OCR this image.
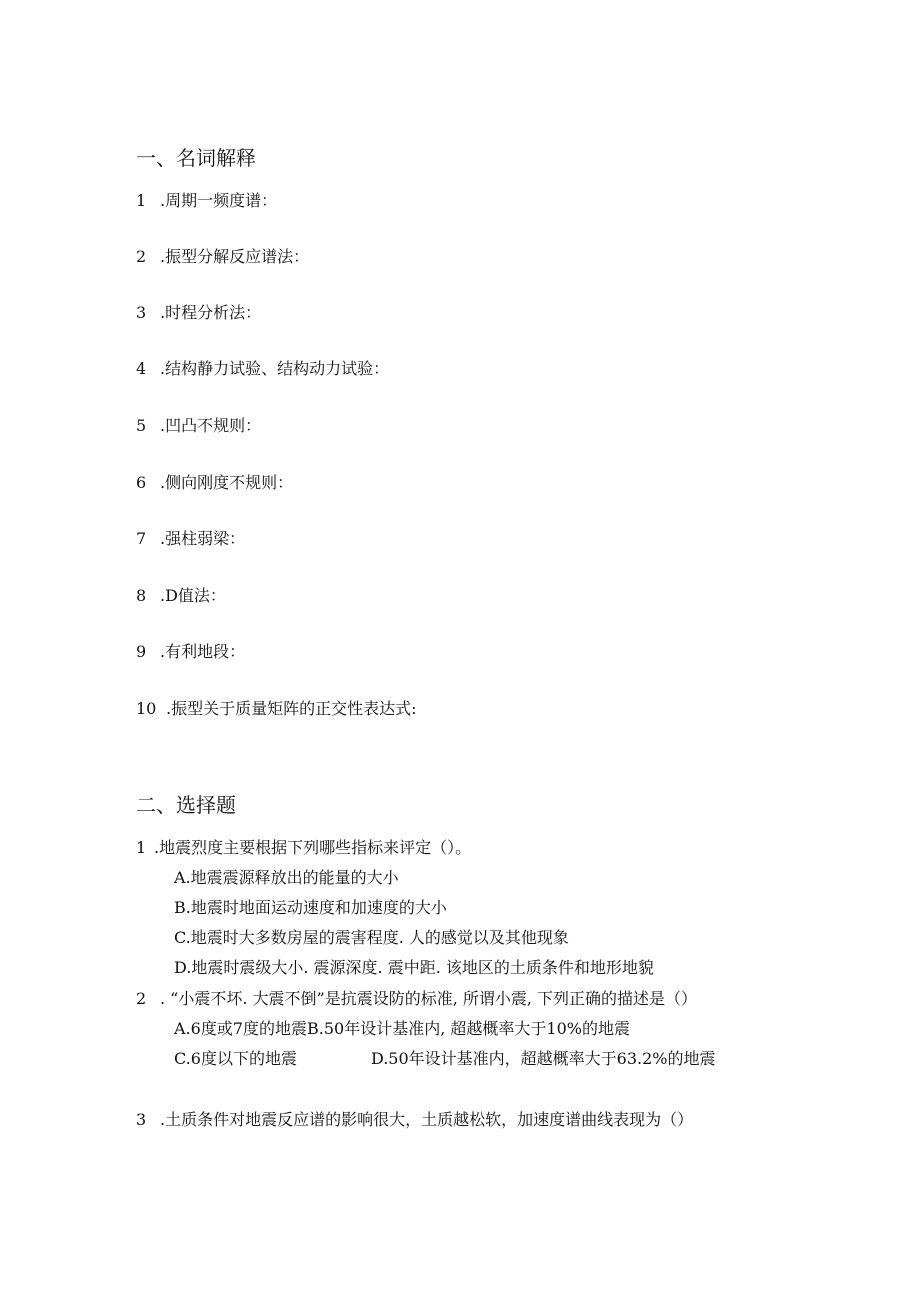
一、名词解释
1 .周期一频度谱：
2 .振型分解反应谱法：
3 .时程分析法：
4 .结构静力试验、结构动力试验：
5 .凹凸不规则：
6 .侧向刚度不规则：
7 .强柱弱梁：
8 .D值法：
9 .有利地段：
10 .振型关于质量矩阵的正交性表达式:
二、选择题
1 .地震烈度主要根据下列哪些指标来评定（）。
A.地震震源释放出的能量的大小
B.地震时地面运动速度和加速度的大小
C.地震时大多数房屋的震害程度. 人的感觉以及其他现象
D.地震时震级大小. 震源深度. 震中距. 该地区的土质条件和地形地貌
2 . “小震不坏. 大震不倒”是抗震设防的标准, 所谓小震, 下列正确的描述是（）
A.6度或7度的地震B.50年设计基准内, 超越概率大于10%的地震
C.6度以下的地震	D.50年设计基准内，超越概率大于63.2%的地震
3 .土质条件对地震反应谱的影响很大，土质越松软，加速度谱曲线表现为（）
